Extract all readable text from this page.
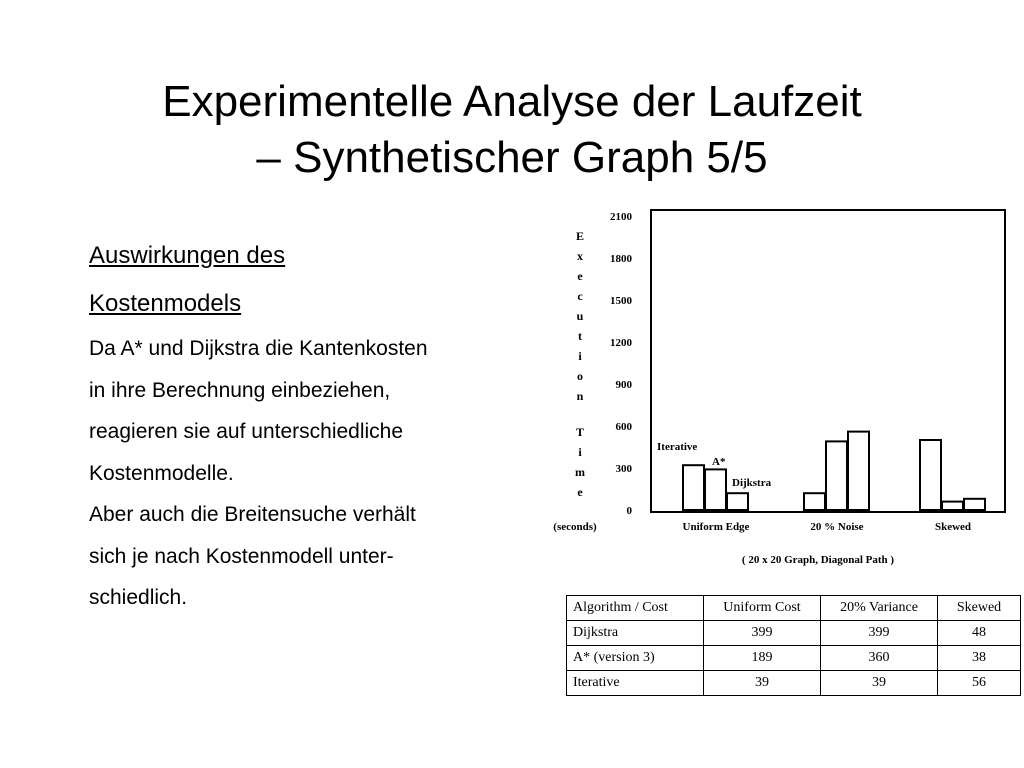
Experimentelle Analyse der Laufzeit
– Synthetischer Graph 5/5
Auswirkungen des
Kostenmodels
Da A* und Dijkstra die Kantenkosten
in ihre Berechnung einbeziehen,
reagieren sie auf unterschiedliche
Kostenmodelle.
Aber auch die Breitensuche verhält
sich je nach Kostenmodell unter-
schiedlich.
0
300
600
900
1200
1500
1800
2100
E
x
e
c
u
t
i
o
n
T
i
m
e
(seconds)	Uniform Edge	20 % Noise	Skewed
Iterative
A*
Dijkstra
( 20 x 20 Graph, Diagonal Path )
Algorithm / Cost	Uniform Cost	20% Variance	Skewed
Dijkstra	399	399	48
A* (version 3)	189	360	38
Iterative	39	39	56
